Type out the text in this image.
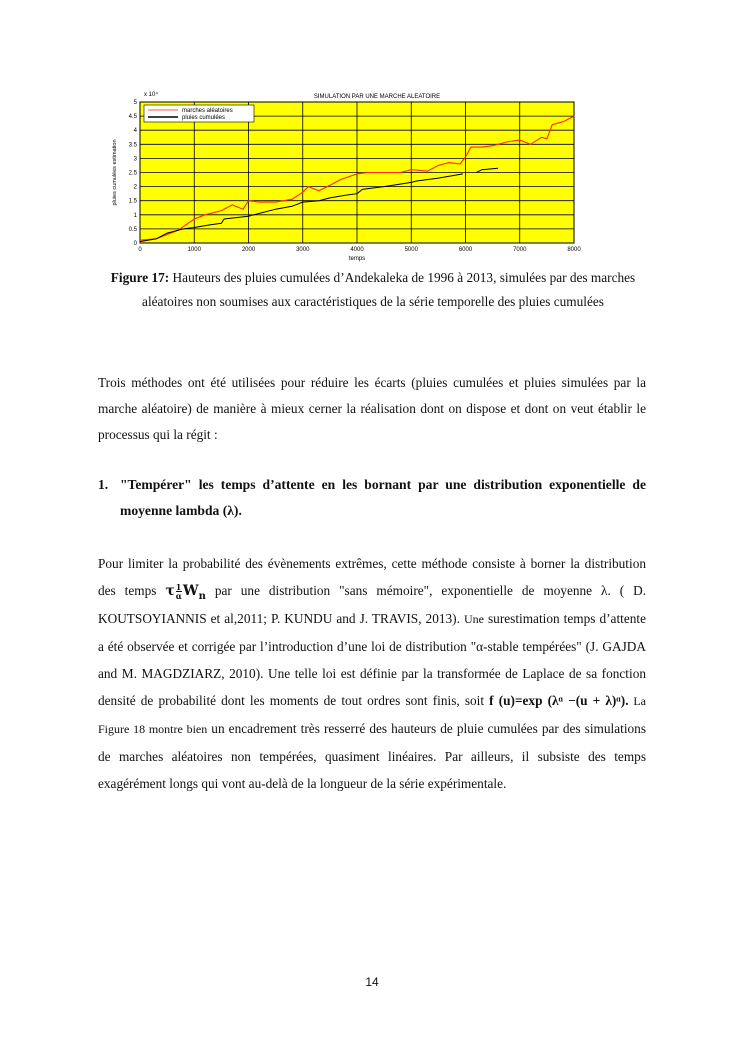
0	1000	2000	3000	4000	5000	6000	7000	8000
0
0.5
1
1.5
2
2.5
3
3.5
4
4.5
5
SIMULATION PAR UNE MARCHE ALEATOIRE
x 10⁴
temps
pluies cumulées estimation
marches aléatoires
pluies cumulées
Figure 17: Hauteurs des pluies cumulées d’Andekaleka de 1996 à 2013, simulées par des marches aléatoires non soumises aux caractéristiques de la série temporelle des pluies cumulées
Trois méthodes ont été utilisées pour réduire les écarts (pluies cumulées et pluies simulées par la marche aléatoire) de manière à mieux cerner la réalisation dont on dispose et dont on veut établir le processus qui la régit :
1. "Tempérer" les temps d’attente en les bornant par une distribution exponentielle de moyenne lambda (λ).
Pour limiter la probabilité des évènements extrêmes, cette méthode consiste à borner la distribution des temps τ $\frac{1}{\alpha} W_n$ par une distribution "sans mémoire", exponentielle de moyenne λ. ( D. KOUTSOYIANNIS et al,2011; P. KUNDU and J. TRAVIS, 2013). Une surestimation temps d’attente a été observée et corrigée par l’introduction d’une loi de distribution "α-stable tempérées" (J. GAJDA and M. MAGDZIARZ, 2010). Une telle loi est définie par la transformée de Laplace de sa fonction densité de probabilité dont les moments de tout ordres sont finis, soit f (u)=exp (λᵅ −(u + λ)ᵅ). La Figure 18 montre bien un encadrement très resserré des hauteurs de pluie cumulées par des simulations de marches aléatoires non tempérées, quasiment linéaires. Par ailleurs, il subsiste des temps exagérément longs qui vont au-delà de la longueur de la série expérimentale.
14
